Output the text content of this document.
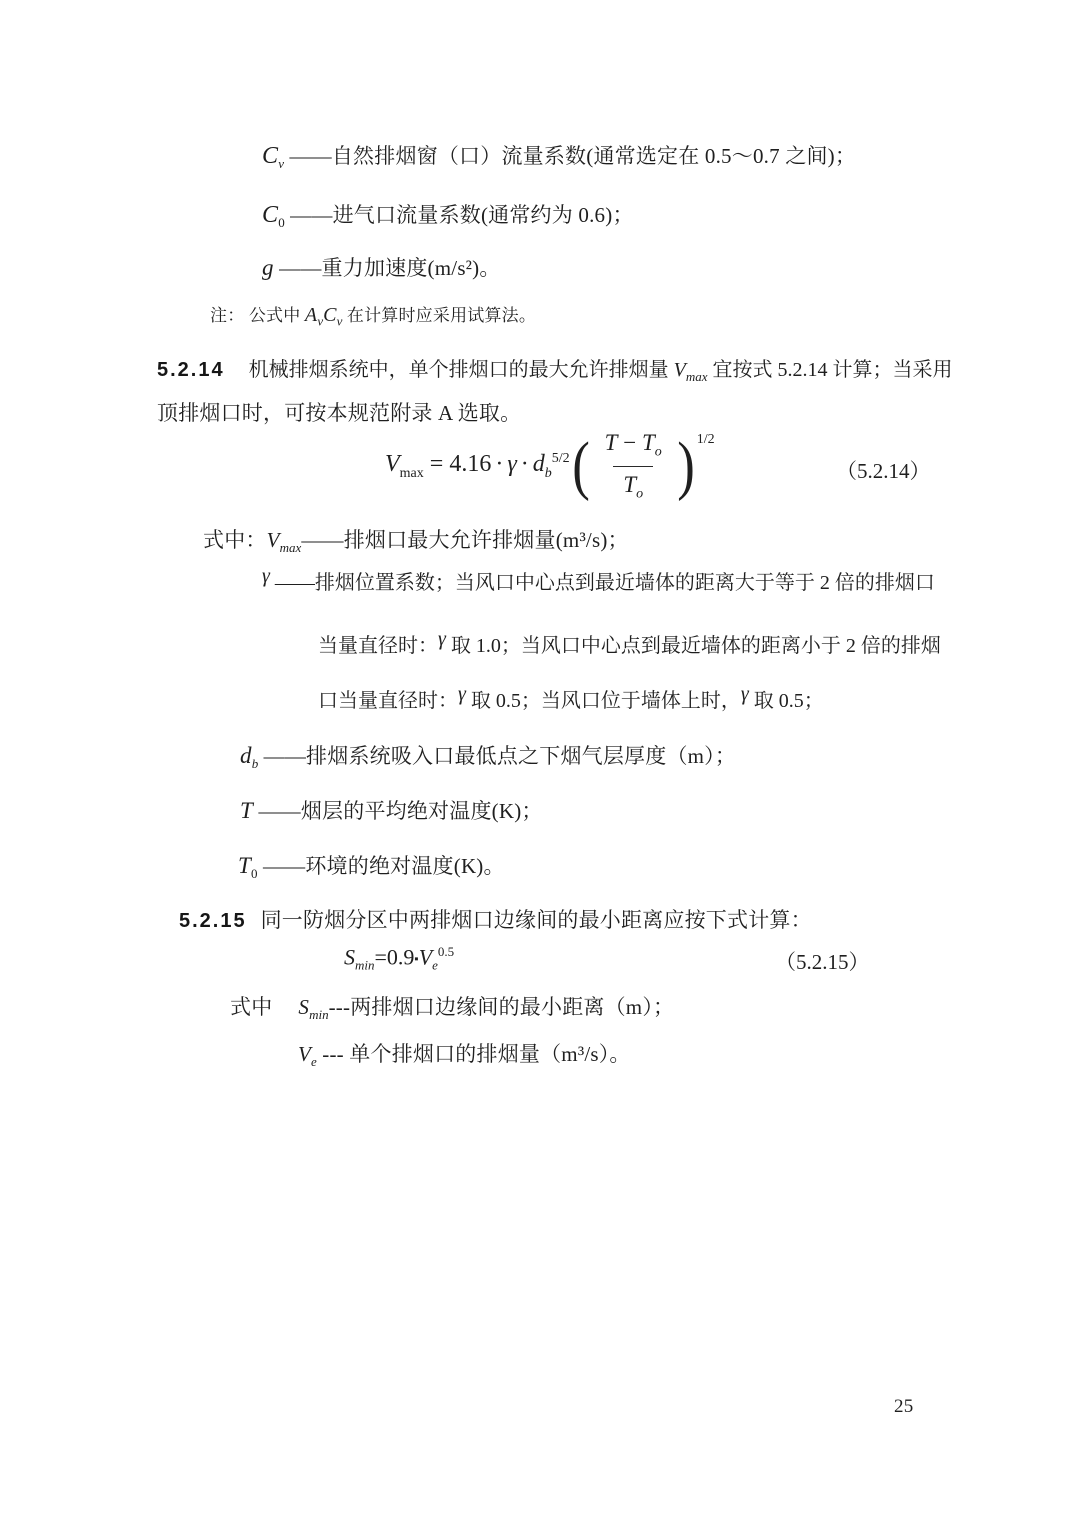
$C_v$ ——自然排烟窗（口）流量系数(通常选定在 0.5～0.7 之间)；
$C_0$ ——进气口流量系数(通常约为 0.6)；
g ——重力加速度(m/s²)。
注： 公式中 $A_vC_v$ 在计算时应采用试算法。
5.2.14 机械排烟系统中，单个排烟口的最大允许排烟量 $V_{max}$ 宜按式 5.2.14 计算；当采用
顶排烟口时，可按本规范附录 A 选取。
$V_{max} = 4.16 \cdot \gamma \cdot d_b^{5/2}$ ( $\frac{T - T_o}{T_o} )^{1/2}$
（5.2.14）
式中：$V_{max}——$排烟口最大允许排烟量(m³/s)；
γ ——排烟位置系数；当风口中心点到最近墙体的距离大于等于 2 倍的排烟口
当量直径时：γ 取 1.0；当风口中心点到最近墙体的距离小于 2 倍的排烟
口当量直径时：γ 取 0.5；当风口位于墙体上时，γ 取 0.5；
$d_b$ ——排烟系统吸入口最低点之下烟气层厚度（m）；
T ——烟层的平均绝对温度(K)；
$T_0$ ——环境的绝对温度(K)。
5.2.15 同一防烟分区中两排烟口边缘间的最小距离应按下式计算：
$S_{min}=0.9▪V_e^{0.5}$	（5.2.15）
式中 $S_{min}---$两排烟口边缘间的最小距离（m）；
$V_e$ --- 单个排烟口的排烟量（m³/s）。
25
